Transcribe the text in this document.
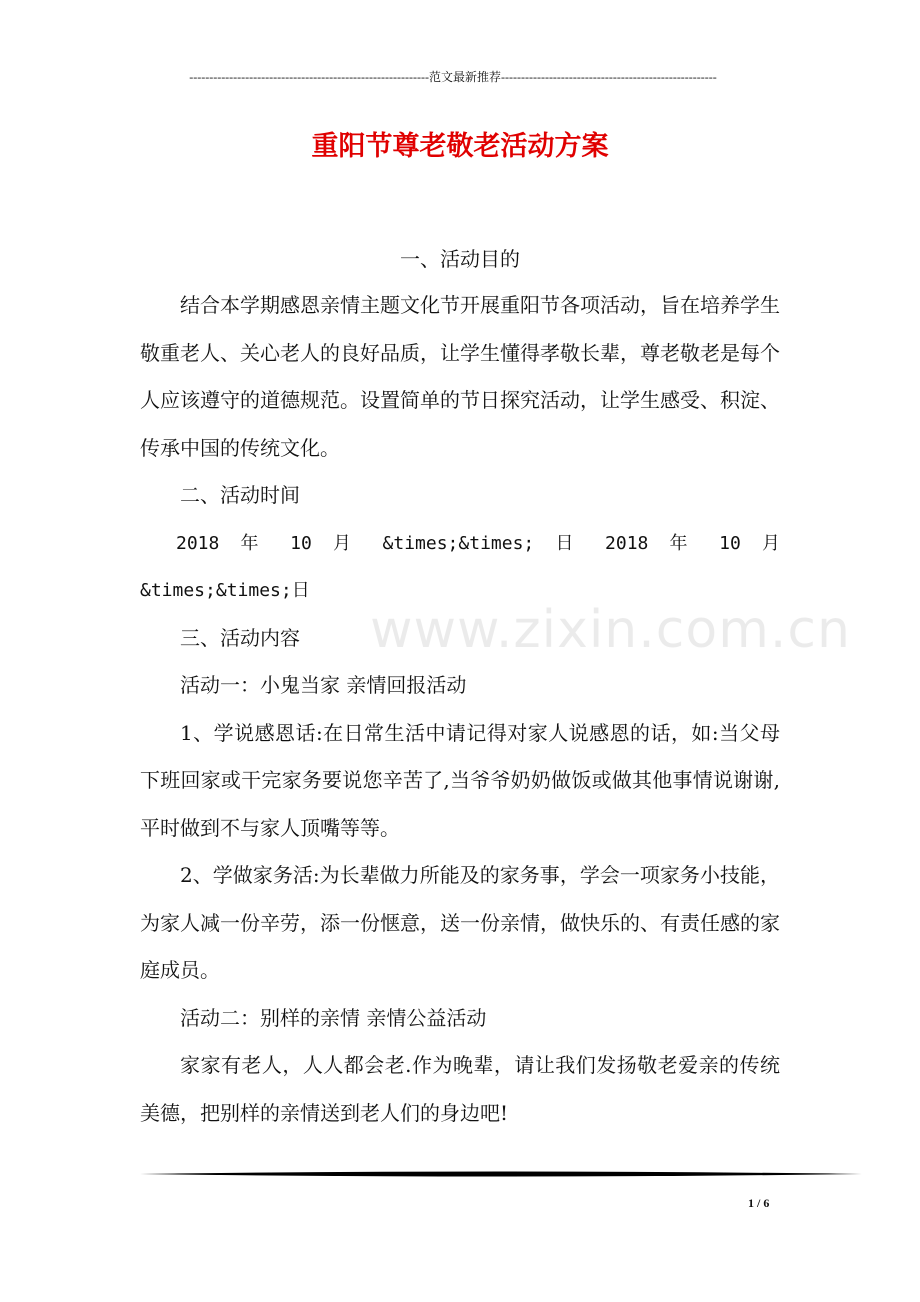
------------------------------------------------------------范文最新推荐------------------------------------------------------
重阳节尊老敬老活动方案
一、活动目的

结合本学期感恩亲情主题文化节开展重阳节各项活动，旨在培养学生敬重老人、关心老人的良好品质，让学生懂得孝敬长辈，尊老敬老是每个人应该遵守的道德规范。设置简单的节日探究活动，让学生感受、积淀、传承中国的传统文化。

二、活动时间

2018 年 10 月 &times;&times; 日 2018 年 10 月 &times;&times;日

三、活动内容

活动一：小鬼当家 亲情回报活动

1、学说感恩话:在日常生活中请记得对家人说感恩的话，如:当父母下班回家或干完家务要说您辛苦了,当爷爷奶奶做饭或做其他事情说谢谢,平时做到不与家人顶嘴等等。

2、学做家务活:为长辈做力所能及的家务事，学会一项家务小技能，为家人减一份辛劳，添一份惬意，送一份亲情，做快乐的、有责任感的家庭成员。

活动二：别样的亲情 亲情公益活动

家家有老人，人人都会老.作为晚辈，请让我们发扬敬老爱亲的传统美德，把别样的亲情送到老人们的身边吧!

www.zixin.com.cn
1 / 6
